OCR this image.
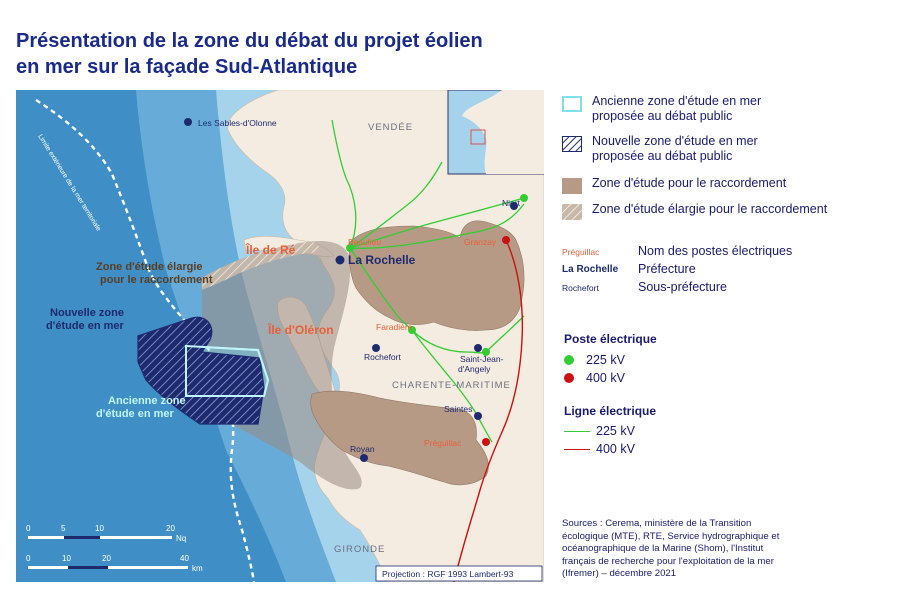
Présentation de la zone du débat du projet éolien
en mer sur la façade Sud-Atlantique
VENDÉE
CHARENTE-MARITIME
GIRONDE
Île de Ré
Île d'Oléron
Les Sables-d'Olonne
La Rochelle
Rochefort	Saint-Jean-
d'Angely
Saintes
Royan
Niort
Beaulieu	Granzay
Faradière
Préguillac
Zone d'étude élargie
pour le raccordement
Nouvelle zone
d'étude en mer
Ancienne zone
d'étude en mer
Limite extérieure de la mer territoriale
0	5	10	20
Nq
0	10	20	40
km
Projection : RGF 1993 Lambert-93
Ancienne zone d'étude en mer
proposée au débat public
Nouvelle zone d'étude en mer
proposée au débat public
Zone d'étude pour le raccordement
Zone d'étude élargie pour le raccordement
Préguillac	Nom des postes électriques
La Rochelle	Préfecture
Rochefort	Sous-préfecture
Poste électrique
225 kV
400 kV
Ligne électrique
225 kV
400 kV
Sources : Cerema, ministère de la Transition
écologique (MTE), RTE, Service hydrographique et
océanographique de la Marine (Shom), l'Institut
français de recherche pour l'exploitation de la mer
(Ifremer) – décembre 2021
